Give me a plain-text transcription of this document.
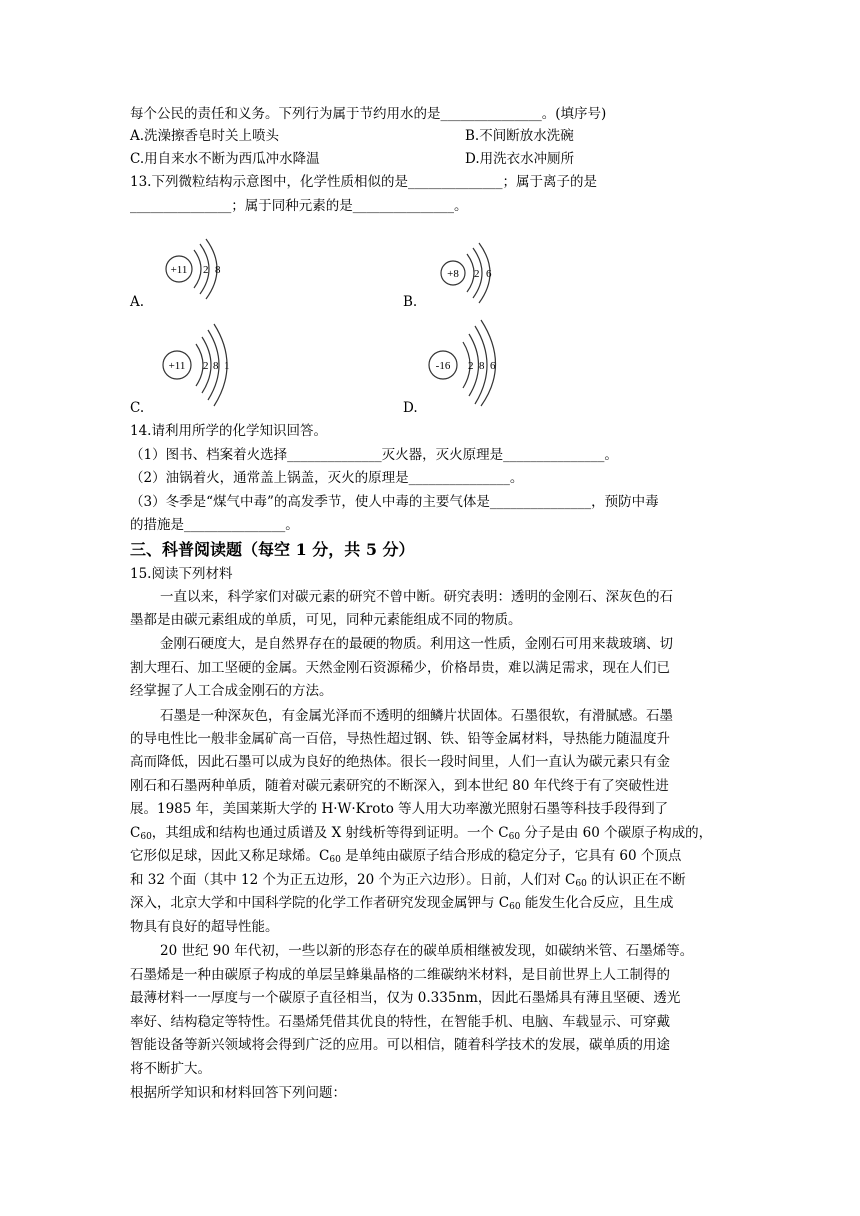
每个公民的责任和义务。下列行为属于节约用水的是_______________。(填序号)
A.洗澡擦香皂时关上喷头	B.不间断放水洗碗
C.用自来水不断为西瓜冲水降温	D.用洗衣水冲厕所
13.下列微粒结构示意图中，化学性质相似的是______________；属于离子的是
_______________；属于同种元素的是_______________。
+11 2 8
A.
+8 2 6
B.
+11 2 8 1
C.
-16 2 8 6
D.
14.请利用所学的化学知识回答。
（1）图书、档案着火选择______________灭火器，灭火原理是_______________。
（2）油锅着火，通常盖上锅盖，灭火的原理是_______________。
（3）冬季是“煤气中毒”的高发季节，使人中毒的主要气体是_______________，预防中毒
的措施是_______________。
三、科普阅读题（每空 1 分，共 5 分）
15.阅读下列材料
一直以来，科学家们对碳元素的研究不曾中断。研究表明：透明的金刚石、深灰色的石
墨都是由碳元素组成的单质，可见，同种元素能组成不同的物质。
金刚石硬度大，是自然界存在的最硬的物质。利用这一性质，金刚石可用来裁玻璃、切
割大理石、加工坚硬的金属。天然金刚石资源稀少，价格昂贵，难以满足需求，现在人们已
经掌握了人工合成金刚石的方法。
石墨是一种深灰色，有金属光泽而不透明的细鳞片状固体。石墨很软，有滑腻感。石墨
的导电性比一般非金属矿高一百倍，导热性超过钢、铁、铅等金属材料，导热能力随温度升
高而降低，因此石墨可以成为良好的绝热体。很长一段时间里，人们一直认为碳元素只有金
刚石和石墨两种单质，随着对碳元素研究的不断深入，到本世纪 80 年代终于有了突破性进
展。1985 年，美国莱斯大学的 H·W·Kroto 等人用大功率激光照射石墨等科技手段得到了
$C_{60}$，其组成和结构也通过质谱及 X 射线析等得到证明。一个 $C_{60}$ 分子是由 60 个碳原子构成的，
它形似足球，因此又称足球烯。$C_{60}$ 是单纯由碳原子结合形成的稳定分子，它具有 60 个顶点
和 32 个面（其中 12 个为正五边形，20 个为正六边形）。日前，人们对 $C_{60}$ 的认识正在不断
深入，北京大学和中国科学院的化学工作者研究发现金属钾与 $C_{60}$ 能发生化合反应，且生成
物具有良好的超导性能。
20 世纪 90 年代初，一些以新的形态存在的碳单质相继被发现，如碳纳米管、石墨烯等。
石墨烯是一种由碳原子构成的单层呈蜂巢晶格的二维碳纳米材料，是目前世界上人工制得的
最薄材料一一厚度与一个碳原子直径相当，仅为 0.335nm，因此石墨烯具有薄且坚硬、透光
率好、结构稳定等特性。石墨烯凭借其优良的特性，在智能手机、电脑、车载显示、可穿戴
智能设备等新兴领域将会得到广泛的应用。可以相信，随着科学技术的发展，碳单质的用途
将不断扩大。
根据所学知识和材料回答下列问题：
